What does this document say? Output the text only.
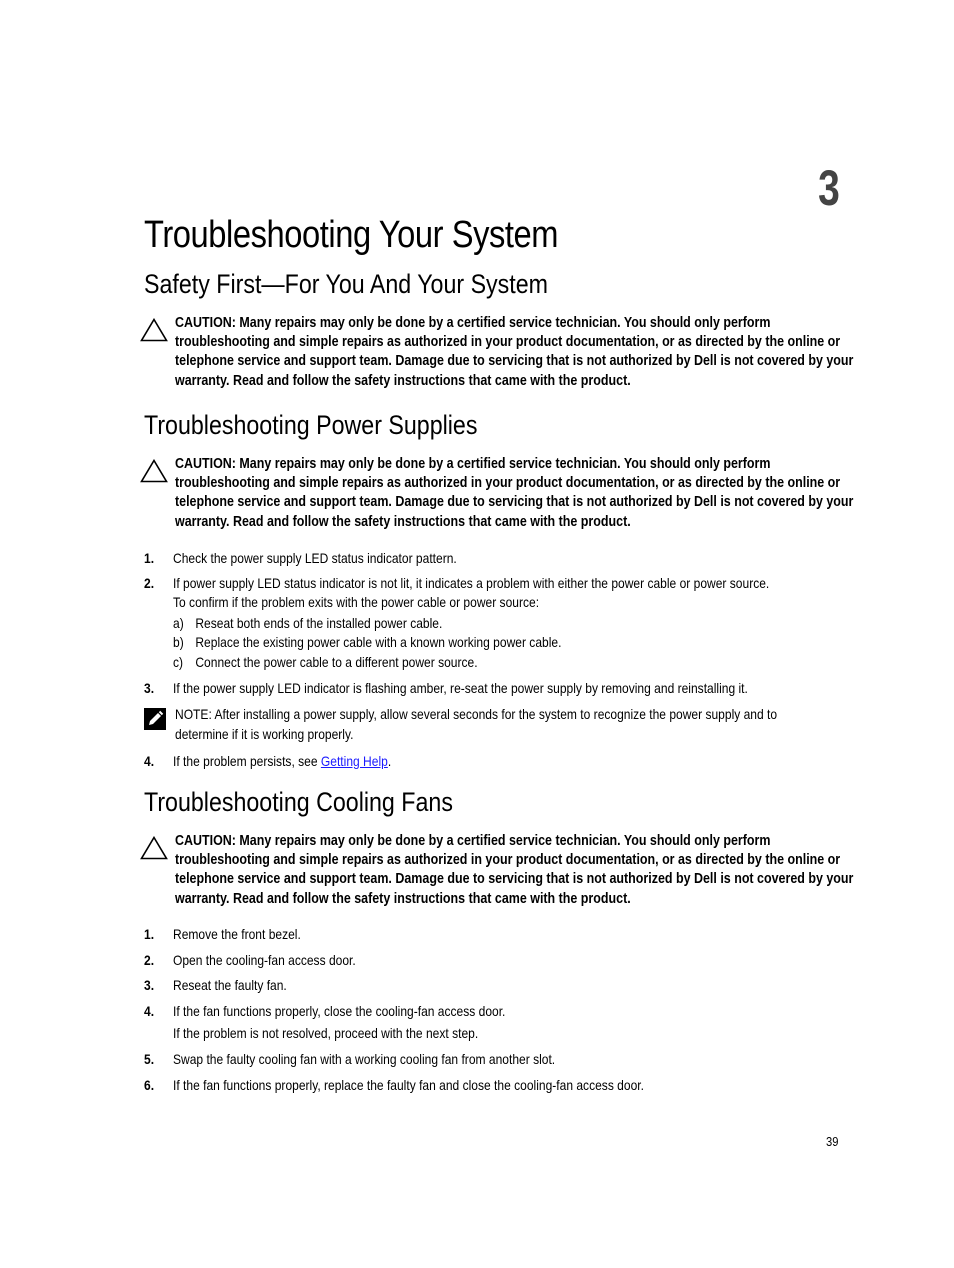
3
Troubleshooting Your System
Safety First—For You And Your System
CAUTION: Many repairs may only be done by a certified service technician. You should only perform
troubleshooting and simple repairs as authorized in your product documentation, or as directed by the online or
telephone service and support team. Damage due to servicing that is not authorized by Dell is not covered by your
warranty. Read and follow the safety instructions that came with the product.
Troubleshooting Power Supplies
CAUTION: Many repairs may only be done by a certified service technician. You should only perform
troubleshooting and simple repairs as authorized in your product documentation, or as directed by the online or
telephone service and support team. Damage due to servicing that is not authorized by Dell is not covered by your
warranty. Read and follow the safety instructions that came with the product.
1. Check the power supply LED status indicator pattern.
2. If power supply LED status indicator is not lit, it indicates a problem with either the power cable or power source.
To confirm if the problem exits with the power cable or power source:
a) Reseat both ends of the installed power cable.
b) Replace the existing power cable with a known working power cable.
c) Connect the power cable to a different power source.
3. If the power supply LED indicator is flashing amber, re-seat the power supply by removing and reinstalling it.
NOTE: After installing a power supply, allow several seconds for the system to recognize the power supply and to
determine if it is working properly.
4. If the problem persists, see Getting Help.
Troubleshooting Cooling Fans
CAUTION: Many repairs may only be done by a certified service technician. You should only perform
troubleshooting and simple repairs as authorized in your product documentation, or as directed by the online or
telephone service and support team. Damage due to servicing that is not authorized by Dell is not covered by your
warranty. Read and follow the safety instructions that came with the product.
1. Remove the front bezel.
2. Open the cooling-fan access door.
3. Reseat the faulty fan.
4. If the fan functions properly, close the cooling-fan access door.
If the problem is not resolved, proceed with the next step.
5. Swap the faulty cooling fan with a working cooling fan from another slot.
6. If the fan functions properly, replace the faulty fan and close the cooling-fan access door.
39
